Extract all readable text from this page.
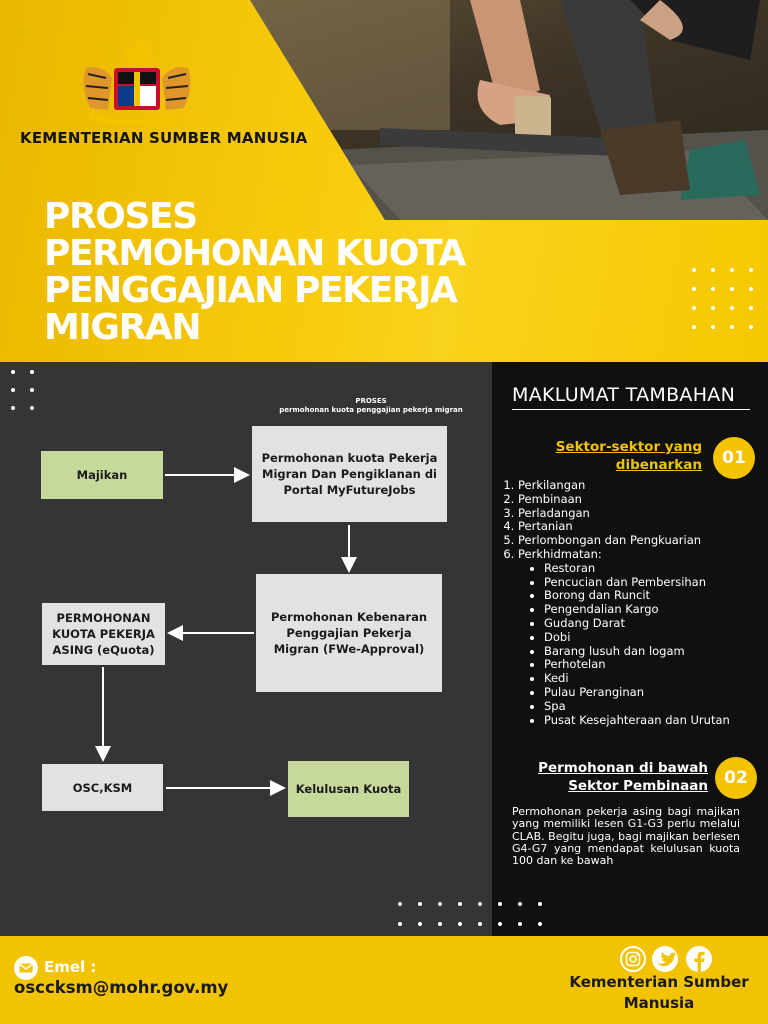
KEMENTERIAN SUMBER MANUSIA
PROSES
PERMOHONAN KUOTA
PENGGAJIAN PEKERJA
MIGRAN
PROSES
permohonan kuota penggajian pekerja migran
Majikan
Permohonan kuota Pekerja Migran Dan Pengiklanan di Portal MyFutureJobs
Permohonan Kebenaran Penggajian Pekerja Migran (FWe-Approval)
PERMOHONAN KUOTA PEKERJA ASING (eQuota)
OSC,KSM	Kelulusan Kuota
MAKLUMAT TAMBAHAN
Sektor-sektor yang dibenarkan	01
1. Perkilangan
2. Pembinaan
3. Perladangan
4. Pertanian
5. Perlombongan dan Pengkuarian
6. Perkhidmatan:
• Restoran
• Pencucian dan Pembersihan
• Borong dan Runcit
• Pengendalian Kargo
• Gudang Darat
• Dobi
• Barang lusuh dan logam
• Perhotelan
• Kedi
• Pulau Peranginan
• Spa
• Pusat Kesejahteraan dan Urutan
Permohonan di bawah
Sektor Pembinaan 02
Permohonan pekerja asing bagi majikan yang memiliki lesen G1-G3 perlu melalui CLAB. Begitu juga, bagi majikan berlesen G4-G7 yang mendapat kelulusan kuota 100 dan ke bawah
Emel :
osccksm@mohr.gov.my	Kementerian Sumber
Manusia
